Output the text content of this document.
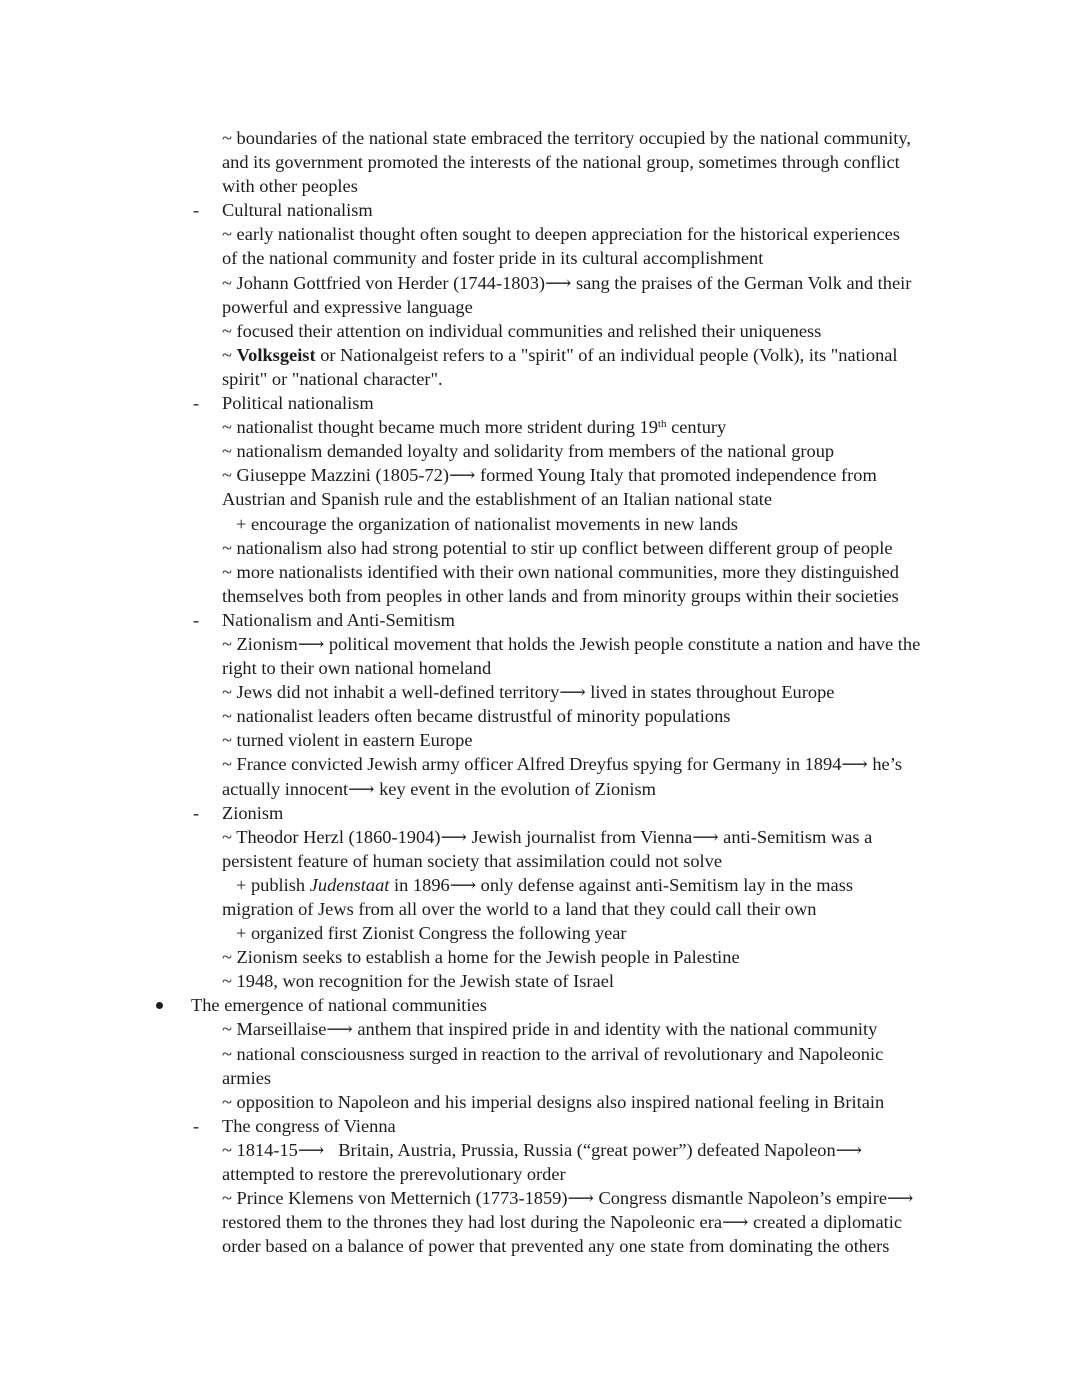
~ boundaries of the national state embraced the territory occupied by the national community,
and its government promoted the interests of the national group, sometimes through conflict
with other peoples
- Cultural nationalism
~ early nationalist thought often sought to deepen appreciation for the historical experiences
of the national community and foster pride in its cultural accomplishment
~ Johann Gottfried von Herder (1744-1803)⟶ sang the praises of the German Volk and their
powerful and expressive language
~ focused their attention on individual communities and relished their uniqueness
~ Volksgeist or Nationalgeist refers to a "spirit" of an individual people (Volk), its "national
spirit" or "national character".
- Political nationalism
~ nationalist thought became much more strident during 19th century
~ nationalism demanded loyalty and solidarity from members of the national group
~ Giuseppe Mazzini (1805-72)⟶ formed Young Italy that promoted independence from
Austrian and Spanish rule and the establishment of an Italian national state
+ encourage the organization of nationalist movements in new lands
~ nationalism also had strong potential to stir up conflict between different group of people
~ more nationalists identified with their own national communities, more they distinguished
themselves both from peoples in other lands and from minority groups within their societies
- Nationalism and Anti-Semitism
~ Zionism⟶ political movement that holds the Jewish people constitute a nation and have the
right to their own national homeland
~ Jews did not inhabit a well-defined territory⟶ lived in states throughout Europe
~ nationalist leaders often became distrustful of minority populations
~ turned violent in eastern Europe
~ France convicted Jewish army officer Alfred Dreyfus spying for Germany in 1894⟶ he’s
actually innocent⟶ key event in the evolution of Zionism
- Zionism
~ Theodor Herzl (1860-1904)⟶ Jewish journalist from Vienna⟶ anti-Semitism was a
persistent feature of human society that assimilation could not solve
+ publish Judenstaat in 1896⟶ only defense against anti-Semitism lay in the mass
migration of Jews from all over the world to a land that they could call their own
+ organized first Zionist Congress the following year
~ Zionism seeks to establish a home for the Jewish people in Palestine
~ 1948, won recognition for the Jewish state of Israel
The emergence of national communities
~ Marseillaise⟶ anthem that inspired pride in and identity with the national community
~ national consciousness surged in reaction to the arrival of revolutionary and Napoleonic
armies
~ opposition to Napoleon and his imperial designs also inspired national feeling in Britain
- The congress of Vienna
~ 1814-15⟶ Britain, Austria, Prussia, Russia (“great power”) defeated Napoleon⟶
attempted to restore the prerevolutionary order
~ Prince Klemens von Metternich (1773-1859)⟶ Congress dismantle Napoleon’s empire⟶
restored them to the thrones they had lost during the Napoleonic era⟶ created a diplomatic
order based on a balance of power that prevented any one state from dominating the others
